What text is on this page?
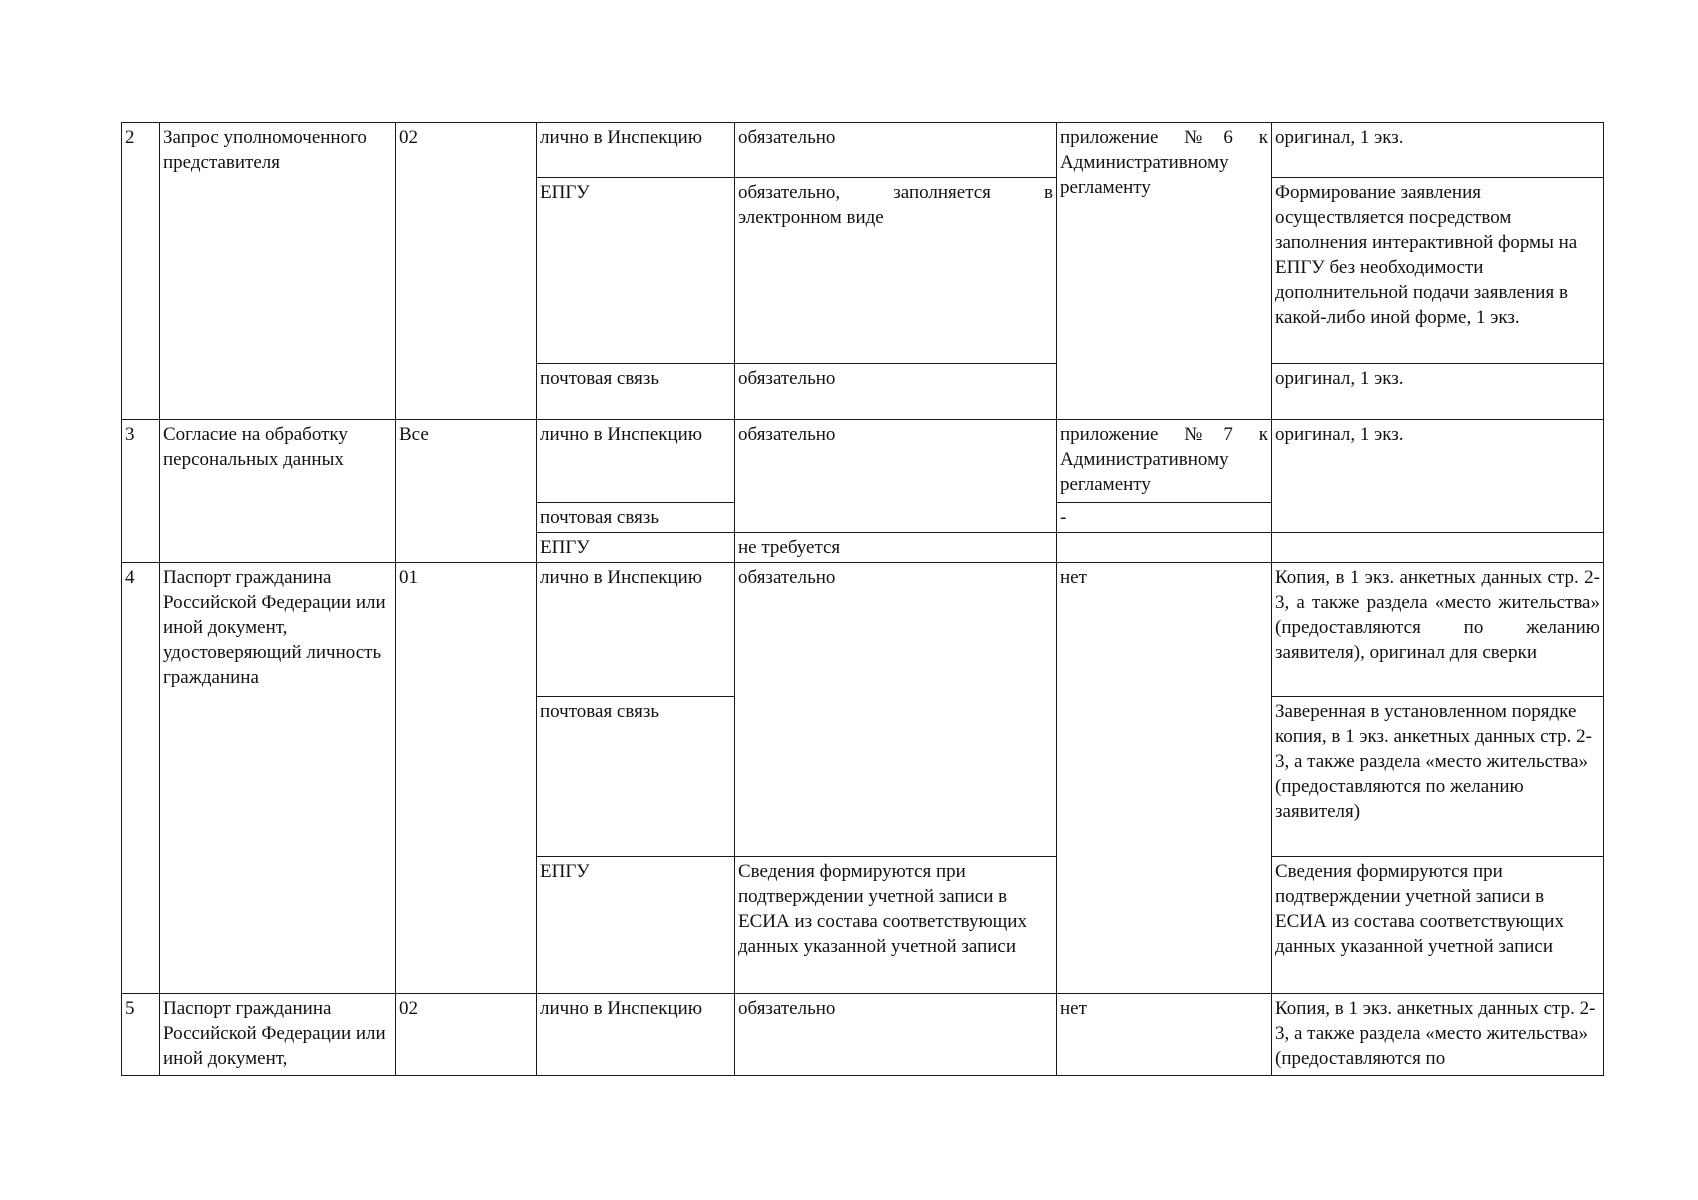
2	Запрос уполномоченного представителя	02	лично в Инспекцию	обязательно	приложение №6 к Административному регламенту	оригинал, 1 экз.
			ЕПГУ	обязательно, заполняется в электронном виде		Формирование заявления осуществляется посредством заполнения интерактивной формы на ЕПГУ без необходимости дополнительной подачи заявления в какой-либо иной форме, 1 экз.
			почтовая связь	обязательно		оригинал, 1 экз.
3	Согласие на обработку персональных данных	Все	лично в Инспекцию	обязательно	приложение №7 к Административному регламенту	оригинал, 1 экз.
			почтовая связь		-	
			ЕПГУ	не требуется		
4	Паспорт гражданина Российской Федерации или иной документ, удостоверяющий личность гражданина	01	лично в Инспекцию	обязательно	нет	Копия, в 1 экз. анкетных данных стр. 2-3, а также раздела «место жительства» (предоставляются по желанию заявителя), оригинал для сверки
			почтовая связь			Заверенная в установленном порядке копия, в 1 экз. анкетных данных стр. 2-3, а также раздела «место жительства» (предоставляются по желанию заявителя)
			ЕПГУ	Сведения формируются при подтверждении учетной записи в ЕСИА из состава соответствующих данных указанной учетной записи		Сведения формируются при подтверждении учетной записи в ЕСИА из состава соответствующих данных указанной учетной записи
5	Паспорт гражданина Российской Федерации или иной документ,	02	лично в Инспекцию	обязательно	нет	Копия, в 1 экз. анкетных данных стр. 2-3, а также раздела «место жительства» (предоставляются по
